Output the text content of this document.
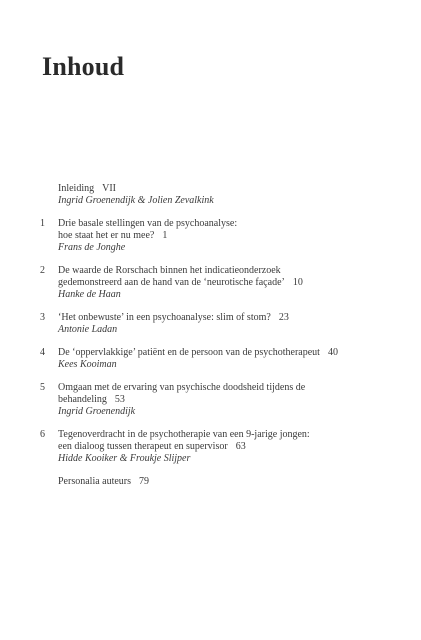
Inhoud
Inleiding VII
Ingrid Groenendijk & Jolien Zevalkink
1 Drie basale stellingen van de psychoanalyse:
hoe staat het er nu mee? 1
Frans de Jonghe
2 De waarde de Rorschach binnen het indicatieonderzoek
gedemonstreerd aan de hand van de ‘neurotische façade’ 10
Hanke de Haan
3 ‘Het onbewuste’ in een psychoanalyse: slim of stom? 23
Antonie Ladan
4 De ‘oppervlakkige’ patiënt en de persoon van de psychotherapeut 40
Kees Kooiman
5 Omgaan met de ervaring van psychische doodsheid tijdens de
behandeling 53
Ingrid Groenendijk
6 Tegenoverdracht in de psychotherapie van een 9-jarige jongen:
een dialoog tussen therapeut en supervisor 63
Hidde Kooiker & Froukje Slijper
Personalia auteurs 79
